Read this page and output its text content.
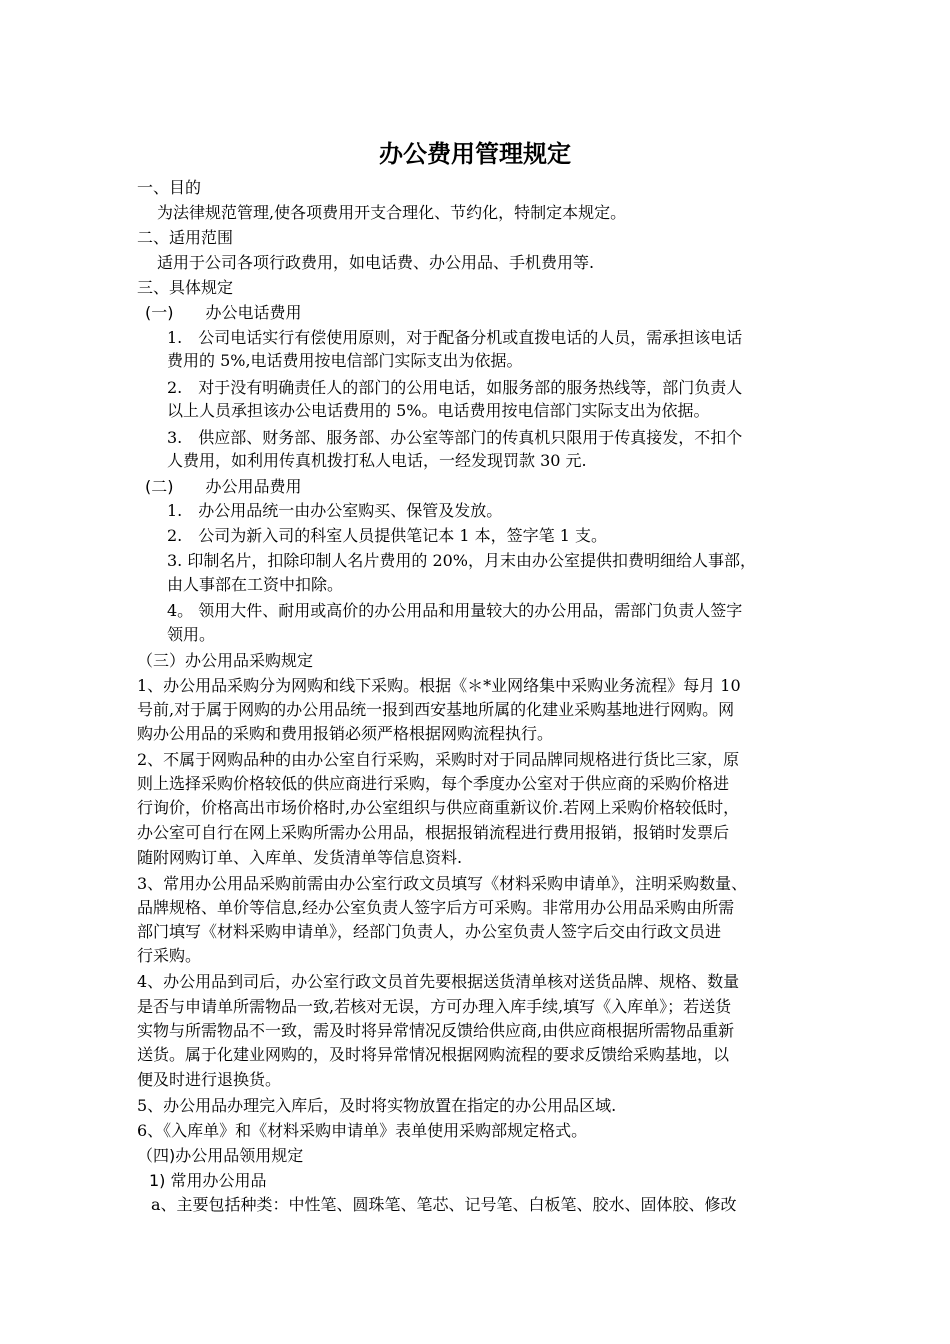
办公费用管理规定
一、目的
为法律规范管理,使各项费用开支合理化、节约化，特制定本规定。
二、适用范围
适用于公司各项行政费用，如电话费、办公用品、手机费用等.
三、具体规定
(一)　　办公电话费用
1.　公司电话实行有偿使用原则，对于配备分机或直拨电话的人员，需承担该电话
费用的 5%,电话费用按电信部门实际支出为依据。
2.　对于没有明确责任人的部门的公用电话，如服务部的服务热线等，部门负责人
以上人员承担该办公电话费用的 5%。电话费用按电信部门实际支出为依据。
3.　供应部、财务部、服务部、办公室等部门的传真机只限用于传真接发，不扣个
人费用，如利用传真机拨打私人电话，一经发现罚款 30 元.
(二)　　办公用品费用
1.　办公用品统一由办公室购买、保管及发放。
2.　公司为新入司的科室人员提供笔记本 1 本，签字笔 1 支。
3. 印制名片，扣除印制人名片费用的 20%，月末由办公室提供扣费明细给人事部，
由人事部在工资中扣除。
4。 领用大件、耐用或高价的办公用品和用量较大的办公用品，需部门负责人签字
领用。
（三）办公用品采购规定
1、办公用品采购分为网购和线下采购。根据《＊*业网络集中采购业务流程》每月 10
号前,对于属于网购的办公用品统一报到西安基地所属的化建业采购基地进行网购。网
购办公用品的采购和费用报销必须严格根据网购流程执行。
2、不属于网购品种的由办公室自行采购，采购时对于同品牌同规格进行货比三家，原
则上选择采购价格较低的供应商进行采购，每个季度办公室对于供应商的采购价格进
行询价，价格高出市场价格时,办公室组织与供应商重新议价.若网上采购价格较低时，
办公室可自行在网上采购所需办公用品，根据报销流程进行费用报销，报销时发票后
随附网购订单、入库单、发货清单等信息资料.
3、常用办公用品采购前需由办公室行政文员填写《材料采购申请单》，注明采购数量、
品牌规格、单价等信息,经办公室负责人签字后方可采购。非常用办公用品采购由所需
部门填写《材料采购申请单》，经部门负责人，办公室负责人签字后交由行政文员进
行采购。
4、办公用品到司后，办公室行政文员首先要根据送货清单核对送货品牌、规格、数量
是否与申请单所需物品一致,若核对无误，方可办理入库手续,填写《入库单》；若送货
实物与所需物品不一致，需及时将异常情况反馈给供应商,由供应商根据所需物品重新
送货。属于化建业网购的，及时将异常情况根据网购流程的要求反馈给采购基地，以
便及时进行退换货。
5、办公用品办理完入库后，及时将实物放置在指定的办公用品区域.
6、《入库单》和《材料采购申请单》表单使用采购部规定格式。
（四)办公用品领用规定
1) 常用办公用品
a、主要包括种类：中性笔、圆珠笔、笔芯、记号笔、白板笔、胶水、固体胶、修改
